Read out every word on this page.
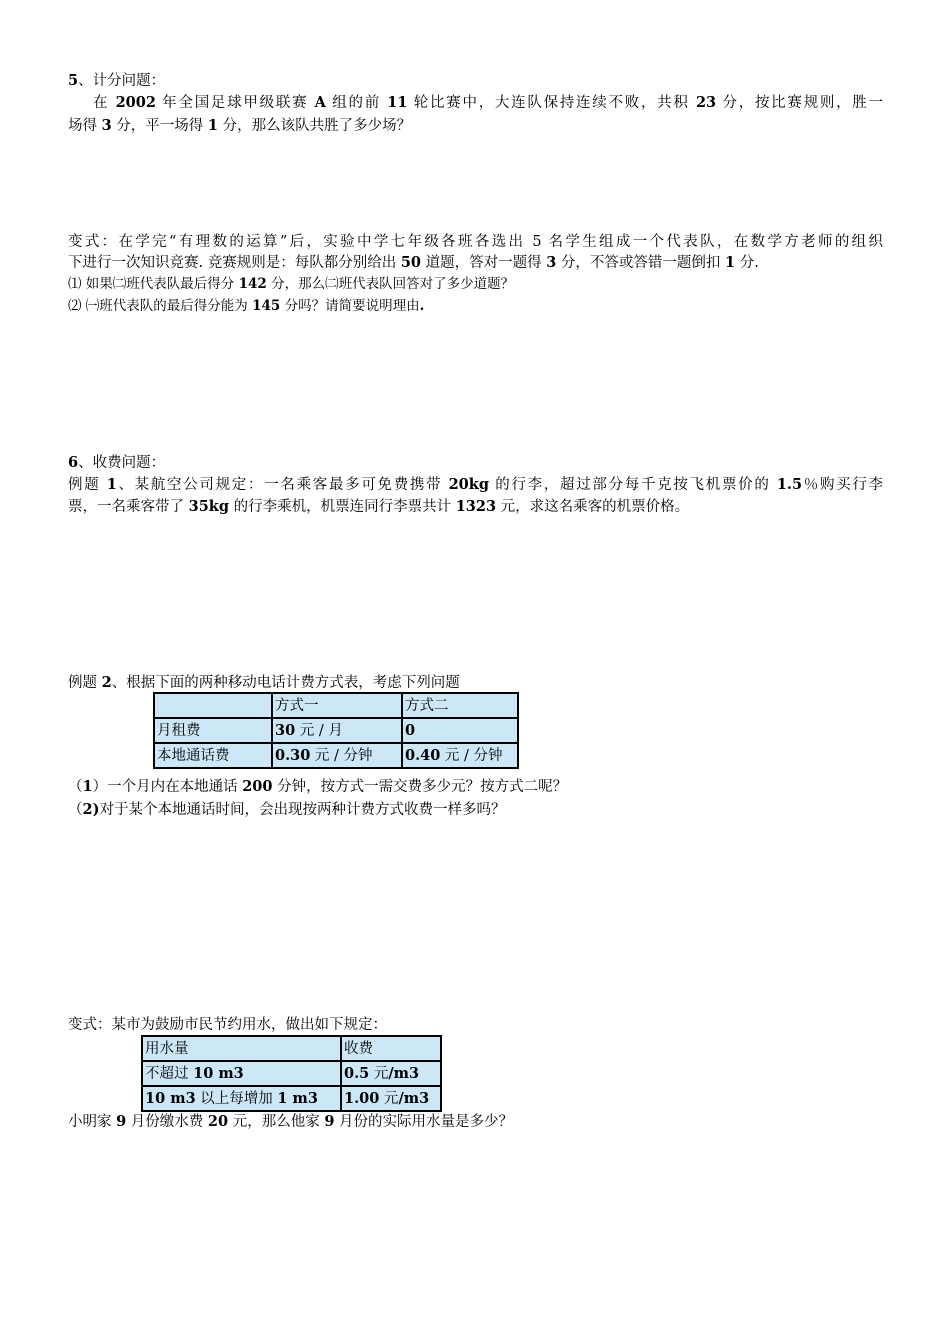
5、计分问题：
在 2002 年全国足球甲级联赛 A 组的前 11 轮比赛中，大连队保持连续不败，共积 23 分，按比赛规则，胜一
场得 3 分，平一场得 1 分，那么该队共胜了多少场？
变式：在学完“有理数的运算”后，实验中学七年级各班各选出 5 名学生组成一个代表队，在数学方老师的组织
下进行一次知识竞赛. 竞赛规则是：每队都分别给出 50 道题，答对一题得 3 分，不答或答错一题倒扣 1 分.
⑴ 如果㈡班代表队最后得分 142 分，那么㈡班代表队回答对了多少道题？
⑵ ㈠班代表队的最后得分能为 145 分吗？请简要说明理由.
6、收费问题：
例题 1、某航空公司规定：一名乘客最多可免费携带 20kg 的行李，超过部分每千克按飞机票价的 1.5％购买行李
票，一名乘客带了 35kg 的行李乘机，机票连同行李票共计 1323 元，求这名乘客的机票价格。
例题 2、根据下面的两种移动电话计费方式表，考虑下列问题
	方式一	方式二
月租费	30 元 / 月	0
本地通话费	0.30 元 / 分钟	0.40 元 / 分钟
（1）一个月内在本地通话 200 分钟，按方式一需交费多少元？按方式二呢？
（2)对于某个本地通话时间，会出现按两种计费方式收费一样多吗？
变式：某市为鼓励市民节约用水，做出如下规定：
用水量	收费
不超过 10 m3	0.5 元/m3
10 m3 以上每增加 1 m3	1.00 元/m3
小明家 9 月份缴水费 20 元，那么他家 9 月份的实际用水量是多少？
